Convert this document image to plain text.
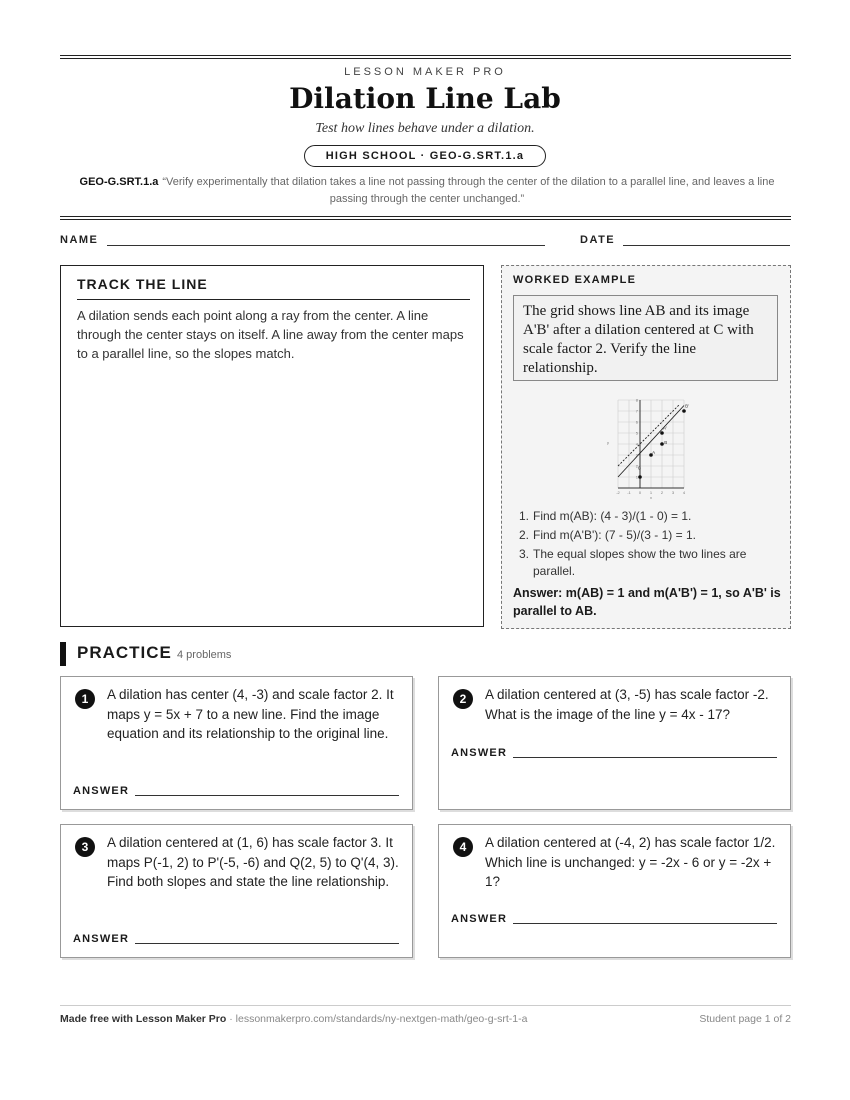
LESSON MAKER PRO
Dilation Line Lab
Test how lines behave under a dilation.
HIGH SCHOOL · GEO-G.SRT.1.a
GEO-G.SRT.1.a “Verify experimentally that dilation takes a line not passing through the center of the dilation to a parallel line, and leaves a line passing through the center unchanged.”
NAME	DATE
TRACK THE LINE

A dilation sends each point along a ray from the center. A line through the center stays on itself. A line away from the center maps to a parallel line, so the slopes match.

WORKED EXAMPLE
The grid shows line AB and its image A'B' after a dilation centered at C with scale factor 2. Verify the line relationship.
-2 -1 0 1 2 3 4
1
2
3
4
5
6
7
8
x
y
C
A
B
A'
B'
1. Find m(AB): (4 - 3)/(1 - 0) = 1.
2. Find m(A'B'): (7 - 5)/(3 - 1) = 1.
3. The equal slopes show the two lines are parallel.
Answer: m(AB) = 1 and m(A'B') = 1, so A'B' is parallel to AB.
PRACTICE 4 problems
1	A dilation has center (4, -3) and scale factor 2. It maps y = 5x + 7 to a new line. Find the image equation and its relationship to the original line.
ANSWER
2	A dilation centered at (3, -5) has scale factor -2. What is the image of the line y = 4x - 17?
ANSWER
3	A dilation centered at (1, 6) has scale factor 3. It maps P(-1, 2) to P'(-5, -6) and Q(2, 5) to Q'(4, 3). Find both slopes and state the line relationship.
ANSWER
4	A dilation centered at (-4, 2) has scale factor 1/2. Which line is unchanged: y = -2x - 6 or y = -2x + 1?
ANSWER
Made free with Lesson Maker Pro · lessonmakerpro.com/standards/ny-nextgen-math/geo-g-srt-1-a	Student page 1 of 2
